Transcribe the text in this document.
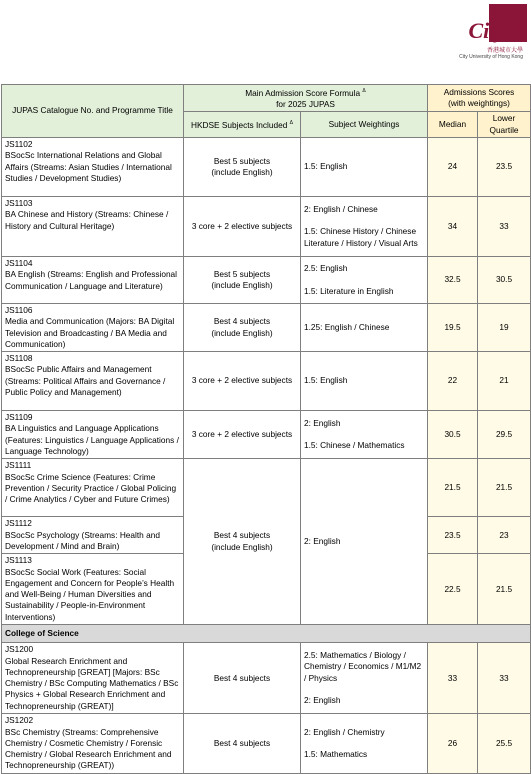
CityU
香港城市大學
City University of Hong Kong
JUPAS Catalogue No. and Programme Title	Main Admission Score Formula $^\Delta$
for 2025 JUPAS		Admissions Scores
(with weightings)	
	HKDSE Subjects Included $^\Delta$	Subject Weightings	Median	Lower Quartile

JS1102
BSocSc International Relations and Global Affairs (Streams: Asian Studies / International Studies / Development Studies)	Best 5 subjects
(include English)	1.5: English	24	23.5

JS1103
BA Chinese and History (Streams: Chinese / History and Cultural Heritage)	3 core + 2 elective subjects	2: English / Chinese

1.5: Chinese History / Chinese Literature / History / Visual Arts	34	33

JS1104
BA English (Streams: English and Professional Communication / Language and Literature)	Best 5 subjects
(include English)	2.5: English

1.5: Literature in English	32.5	30.5

JS1106
Media and Communication (Majors: BA Digital Television and Broadcasting / BA Media and Communication)	Best 4 subjects
(include English)	1.25: English / Chinese	19.5	19

JS1108
BSocSc Public Affairs and Management (Streams: Political Affairs and Governance / Public Policy and Management)	3 core + 2 elective subjects	1.5: English	22	21

JS1109
BA Linguistics and Language Applications (Features: Linguistics / Language Applications / Language Technology)	3 core + 2 elective subjects	2: English

1.5: Chinese / Mathematics	30.5	29.5

JS1111
BSocSc Crime Science (Features: Crime Prevention / Security Practice / Global Policing / Crime Analytics / Cyber and Future Crimes)	Best 4 subjects
(include English)	2: English	21.5	21.5

JS1112
BSocSc Psychology (Streams: Health and Development / Mind and Brain)			23.5	23

JS1113
BSocSc Social Work (Features: Social Engagement and Concern for People’s Health and Well-Being / Human Diversities and Sustainability / People-in-Environment Interventions)			22.5	21.5
College of Science				

JS1200
Global Research Enrichment and Technopreneurship [GREAT] [Majors: BSc Chemistry / BSc Computing Mathematics / BSc Physics + Global Research Enrichment and Technopreneurship (GREAT)]	Best 4 subjects	2.5: Mathematics / Biology / Chemistry / Economics / M1/M2 / Physics

2: English	33	33

JS1202
BSc Chemistry (Streams: Comprehensive Chemistry / Cosmetic Chemistry / Forensic Chemistry / Global Research Enrichment and Technopreneurship (GREAT))	Best 4 subjects	2: English / Chemistry

1.5: Mathematics	26	25.5
